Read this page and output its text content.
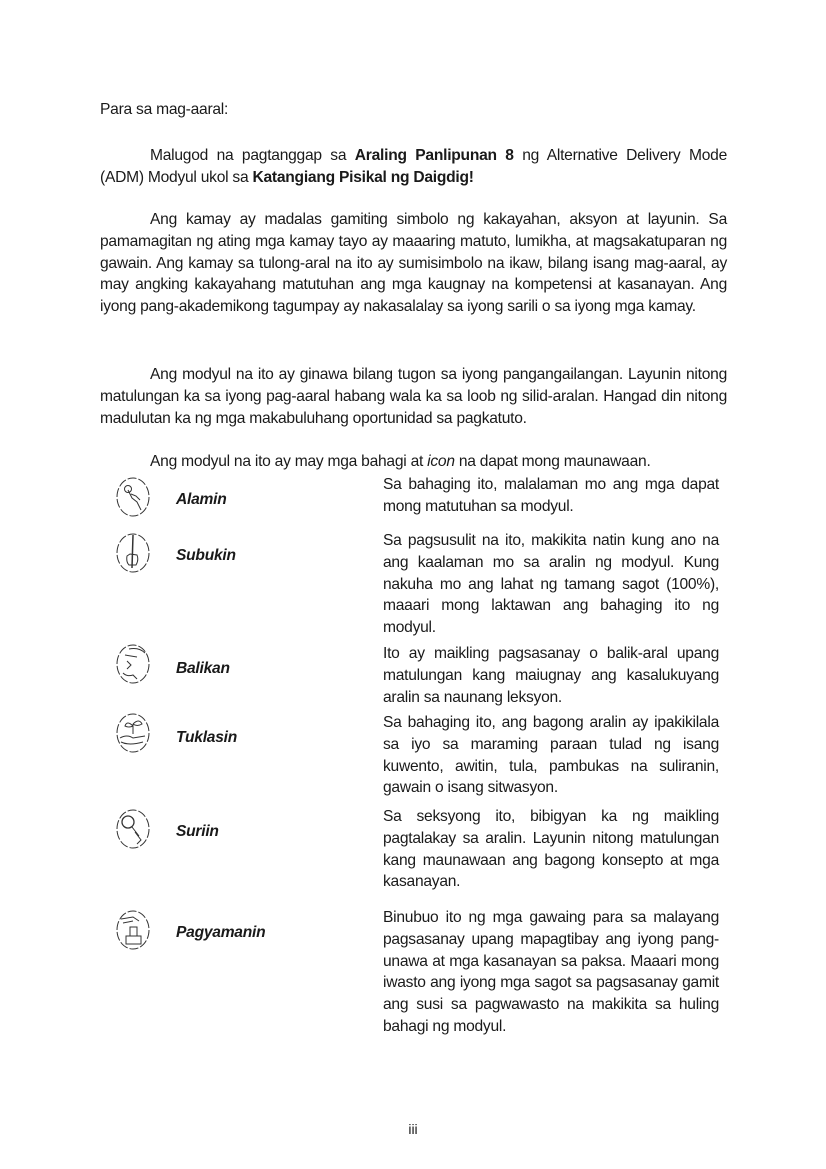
Para sa mag-aaral:
Malugod na pagtanggap sa Araling Panlipunan 8 ng Alternative Delivery Mode (ADM) Modyul ukol sa Katangiang Pisikal ng Daigdig!
Ang kamay ay madalas gamiting simbolo ng kakayahan, aksyon at layunin. Sa pamamagitan ng ating mga kamay tayo ay maaaring matuto, lumikha, at magsakatuparan ng gawain. Ang kamay sa tulong-aral na ito ay sumisimbolo na ikaw, bilang isang mag-aaral, ay may angking kakayahang matutuhan ang mga kaugnay na kompetensi at kasanayan. Ang iyong pang-akademikong tagumpay ay nakasalalay sa iyong sarili o sa iyong mga kamay.
Ang modyul na ito ay ginawa bilang tugon sa iyong pangangailangan. Layunin nitong matulungan ka sa iyong pag-aaral habang wala ka sa loob ng silid-aralan. Hangad din nitong madulutan ka ng mga makabuluhang oportunidad sa pagkatuto.
Ang modyul na ito ay may mga bahagi at icon na dapat mong maunawaan.
Alamin
Sa bahaging ito, malalaman mo ang mga dapat mong matutuhan sa modyul.
Subukin
Sa pagsusulit na ito, makikita natin kung ano na ang kaalaman mo sa aralin ng modyul. Kung nakuha mo ang lahat ng tamang sagot (100%), maaari mong laktawan ang bahaging ito ng modyul.
Balikan
Ito ay maikling pagsasanay o balik-aral upang matulungan kang maiugnay ang kasalukuyang aralin sa naunang leksyon.
Tuklasin
Sa bahaging ito, ang bagong aralin ay ipakikilala sa iyo sa maraming paraan tulad ng isang kuwento, awitin, tula, pambukas na suliranin, gawain o isang sitwasyon.
Suriin
Sa seksyong ito, bibigyan ka ng maikling pagtalakay sa aralin. Layunin nitong matulungan kang maunawaan ang bagong konsepto at mga kasanayan.
Pagyamanin
Binubuo ito ng mga gawaing para sa malayang pagsasanay upang mapagtibay ang iyong pang-unawa at mga kasanayan sa paksa. Maaari mong iwasto ang iyong mga sagot sa pagsasanay gamit ang susi sa pagwawasto na makikita sa huling bahagi ng modyul.
iii
